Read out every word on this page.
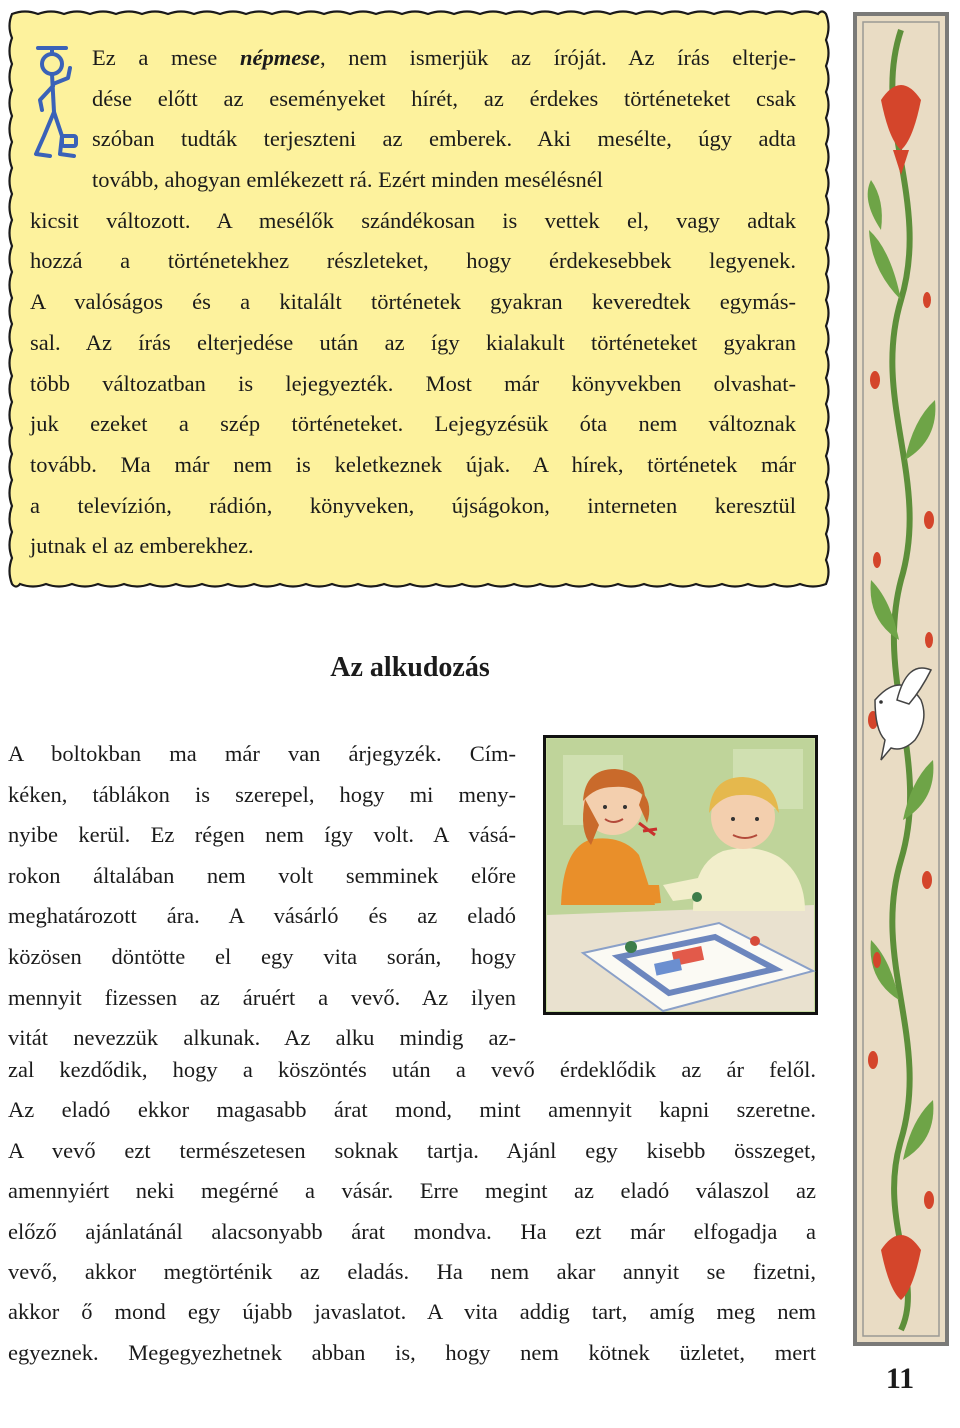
Ez a mese népmese, nem ismerjük az íróját. Az írás elterje-
dése előtt az eseményeket hírét, az érdekes történeteket csak
szóban tudták terjeszteni az emberek. Aki mesélte, úgy adta
tovább, ahogyan emlékezett rá. Ezért minden mesélésnél
kicsit változott. A mesélők szándékosan is vettek el, vagy adtak
hozzá a történetekhez részleteket, hogy érdekesebbek legyenek.
A valóságos és a kitalált történetek gyakran keveredtek egymás-
sal. Az írás elterjedése után az így kialakult történeteket gyakran
több változatban is lejegyezték. Most már könyvekben olvashat-
juk ezeket a szép történeteket. Lejegyzésük óta nem változnak
tovább. Ma már nem is keletkeznek újak. A hírek, történetek már
a televízión, rádión, könyveken, újságokon, interneten keresztül
jutnak el az emberekhez.
Az alkudozás
A boltokban ma már van árjegyzék. Cím-
kéken, táblákon is szerepel, hogy mi meny-
nyibe kerül. Ez régen nem így volt. A vásá-
rokon általában nem volt semminek előre
meghatározott ára. A vásárló és az eladó
közösen döntötte el egy vita során, hogy
mennyit fizessen az áruért a vevő. Az ilyen
vitát nevezzük alkunak. Az alku mindig az-
zal kezdődik, hogy a köszöntés után a vevő érdeklődik az ár felől.
Az eladó ekkor magasabb árat mond, mint amennyit kapni szeretne.
A vevő ezt természetesen soknak tartja. Ajánl egy kisebb összeget,
amennyiért neki megérné a vásár. Erre megint az eladó válaszol az
előző ajánlatánál alacsonyabb árat mondva. Ha ezt már elfogadja a
vevő, akkor megtörténik az eladás. Ha nem akar annyit se fizetni,
akkor ő mond egy újabb javaslatot. A vita addig tart, amíg meg nem
egyeznek. Megegyezhetnek abban is, hogy nem kötnek üzletet, mert
11
